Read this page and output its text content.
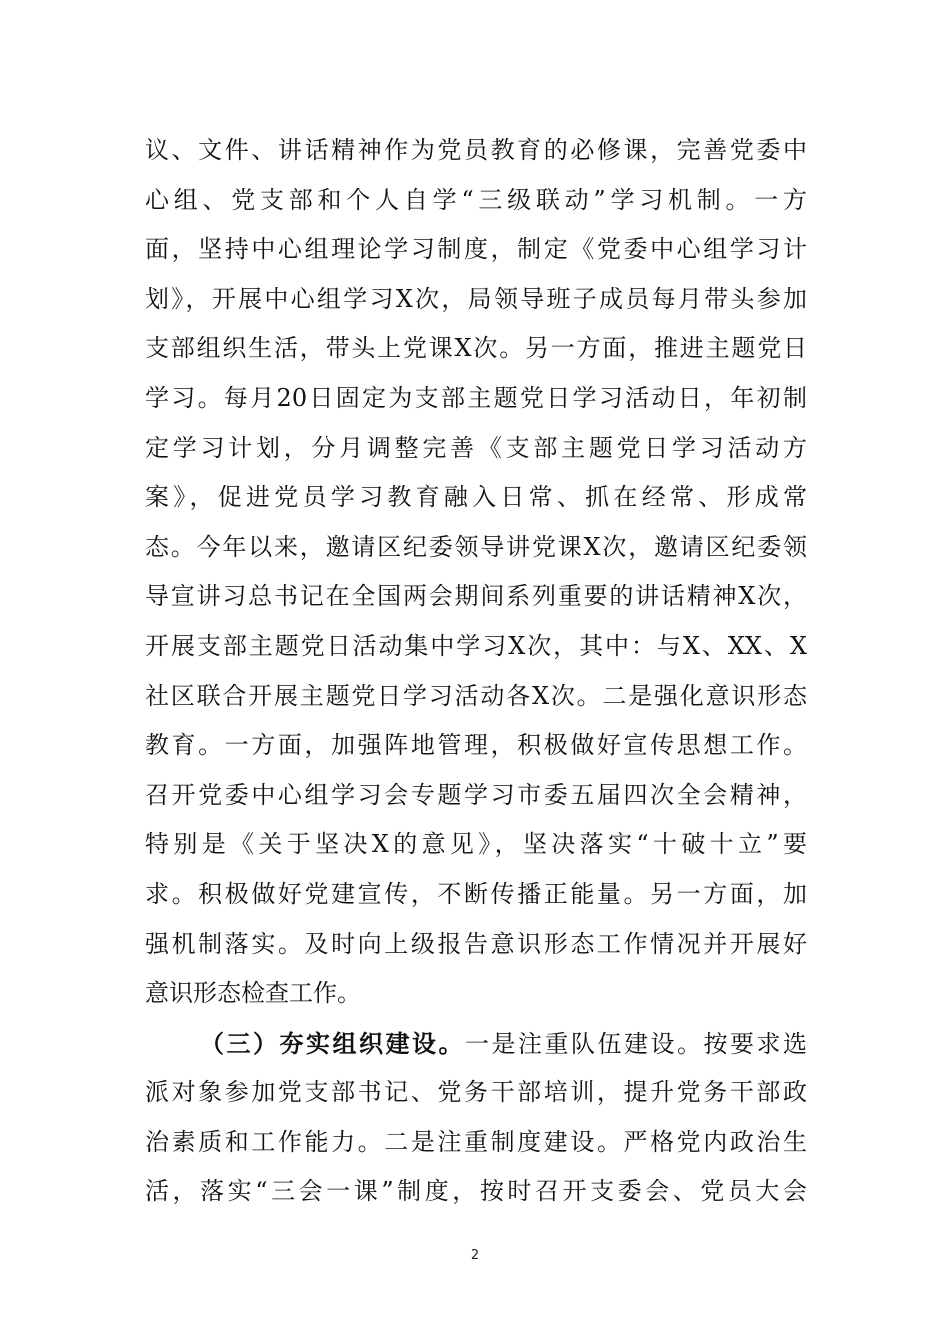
议、文件、讲话精神作为党员教育的必修课，完善党委中
心组、党支部和个人自学“三级联动”学习机制。一方
面，坚持中心组理论学习制度，制定《党委中心组学习计
划》，开展中心组学习X次，局领导班子成员每月带头参加
支部组织生活，带头上党课X次。另一方面，推进主题党日
学习。每月20日固定为支部主题党日学习活动日，年初制
定学习计划，分月调整完善《支部主题党日学习活动方
案》，促进党员学习教育融入日常、抓在经常、形成常
态。今年以来，邀请区纪委领导讲党课X次，邀请区纪委领
导宣讲习总书记在全国两会期间系列重要的讲话精神X次，
开展支部主题党日活动集中学习X次，其中：与X、XX、X
社区联合开展主题党日学习活动各X次。二是强化意识形态
教育。一方面，加强阵地管理，积极做好宣传思想工作。
召开党委中心组学习会专题学习市委五届四次全会精神，
特别是《关于坚决X的意见》，坚决落实“十破十立”要
求。积极做好党建宣传，不断传播正能量。另一方面，加
强机制落实。及时向上级报告意识形态工作情况并开展好
意识形态检查工作。
（三）夯实组织建设。一是注重队伍建设。按要求选
派对象参加党支部书记、党务干部培训，提升党务干部政
治素质和工作能力。二是注重制度建设。严格党内政治生
活，落实“三会一课”制度，按时召开支委会、党员大会
2
